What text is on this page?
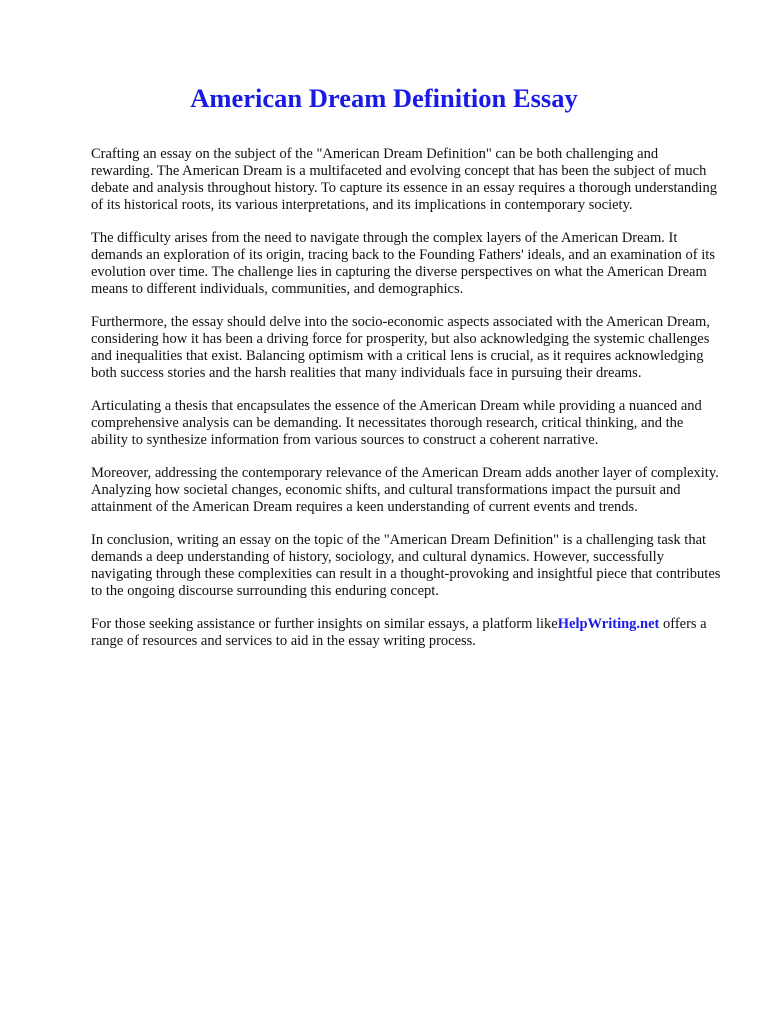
American Dream Definition Essay

Crafting an essay on the subject of the "American Dream Definition" can be both challenging and rewarding. The American Dream is a multifaceted and evolving concept that has been the subject of much debate and analysis throughout history. To capture its essence in an essay requires a thorough understanding of its historical roots, its various interpretations, and its implications in contemporary society.

The difficulty arises from the need to navigate through the complex layers of the American Dream. It demands an exploration of its origin, tracing back to the Founding Fathers' ideals, and an examination of its evolution over time. The challenge lies in capturing the diverse perspectives on what the American Dream means to different individuals, communities, and demographics.

Furthermore, the essay should delve into the socio-economic aspects associated with the American Dream, considering how it has been a driving force for prosperity, but also acknowledging the systemic challenges and inequalities that exist. Balancing optimism with a critical lens is crucial, as it requires acknowledging both success stories and the harsh realities that many individuals face in pursuing their dreams.

Articulating a thesis that encapsulates the essence of the American Dream while providing a nuanced and comprehensive analysis can be demanding. It necessitates thorough research, critical thinking, and the ability to synthesize information from various sources to construct a coherent narrative.

Moreover, addressing the contemporary relevance of the American Dream adds another layer of complexity. Analyzing how societal changes, economic shifts, and cultural transformations impact the pursuit and attainment of the American Dream requires a keen understanding of current events and trends.

In conclusion, writing an essay on the topic of the "American Dream Definition" is a challenging task that demands a deep understanding of history, sociology, and cultural dynamics. However, successfully navigating through these complexities can result in a thought-provoking and insightful piece that contributes to the ongoing discourse surrounding this enduring concept.

For those seeking assistance or further insights on similar essays, a platform likeHelpWriting.net offers a range of resources and services to aid in the essay writing process.
